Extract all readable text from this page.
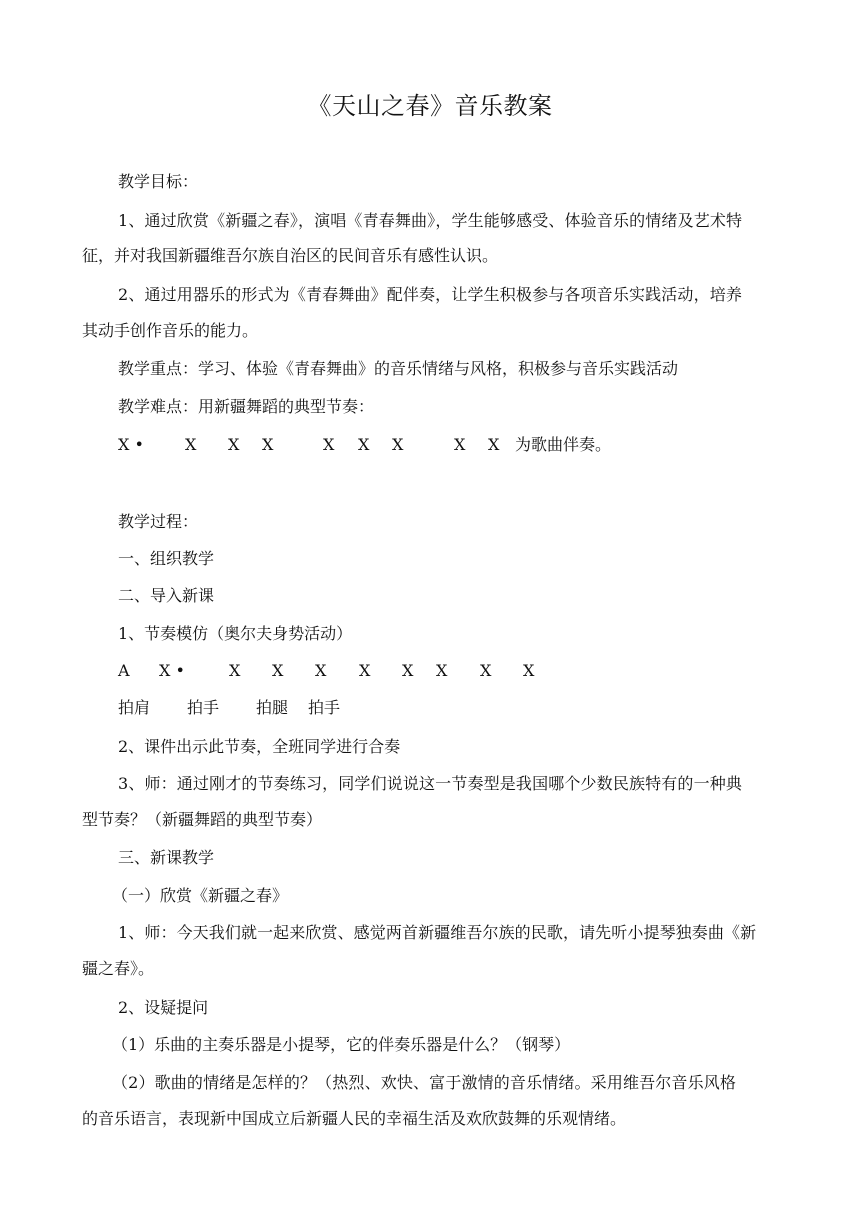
《天山之春》音乐教案
教学目标：
1、通过欣赏《新疆之春》，演唱《青春舞曲》，学生能够感受、体验音乐的情绪及艺术特
征，并对我国新疆维吾尔族自治区的民间音乐有感性认识。
2、通过用器乐的形式为《青春舞曲》配伴奏，让学生积极参与各项音乐实践活动，培养
其动手创作音乐的能力。
教学重点：学习、体验《青春舞曲》的音乐情绪与风格，积极参与音乐实践活动
教学难点：用新疆舞蹈的典型节奏：
X •	X X X	X X X	X X 为歌曲伴奏。
教学过程：
一、组织教学
二、导入新课
1、节奏模仿（奥尔夫身势活动）
A X •	X X X X X X X X
拍肩 拍手 拍腿 拍手
2、课件出示此节奏，全班同学进行合奏
3、师：通过刚才的节奏练习，同学们说说这一节奏型是我国哪个少数民族特有的一种典
型节奏？（新疆舞蹈的典型节奏）
三、新课教学
（一）欣赏《新疆之春》
1、师：今天我们就一起来欣赏、感觉两首新疆维吾尔族的民歌，请先听小提琴独奏曲《新
疆之春》。
2、设疑提问
（1）乐曲的主奏乐器是小提琴，它的伴奏乐器是什么？（钢琴）
（2）歌曲的情绪是怎样的？（热烈、欢快、富于激情的音乐情绪。采用维吾尔音乐风格
的音乐语言，表现新中国成立后新疆人民的幸福生活及欢欣鼓舞的乐观情绪。
